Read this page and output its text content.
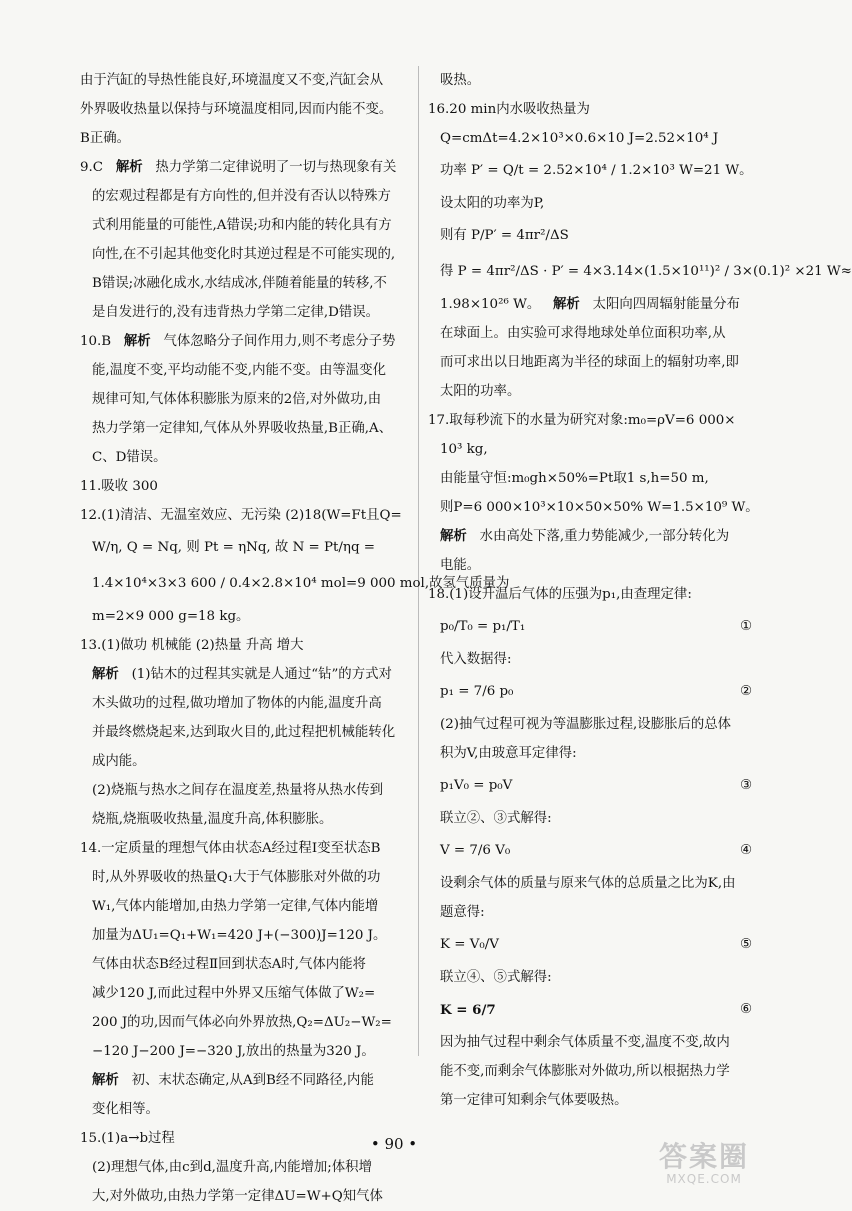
由于汽缸的导热性能良好,环境温度又不变,汽缸会从
外界吸收热量以保持与环境温度相同,因而内能不变。
B正确。
9.C 解析 热力学第二定律说明了一切与热现象有关
的宏观过程都是有方向性的,但并没有否认以特殊方
式利用能量的可能性,A错误;功和内能的转化具有方
向性,在不引起其他变化时其逆过程是不可能实现的,
B错误;冰融化成水,水结成冰,伴随着能量的转移,不
是自发进行的,没有违背热力学第二定律,D错误。
10.B 解析 气体忽略分子间作用力,则不考虑分子势
能,温度不变,平均动能不变,内能不变。由等温变化
规律可知,气体体积膨胀为原来的2倍,对外做功,由
热力学第一定律知,气体从外界吸收热量,B正确,A、
C、D错误。
11.吸收 300
12.(1)清洁、无温室效应、无污染 (2)18(W=Ft且Q=
W/η, Q = Nq, 则 Pt = ηNq, 故 N = Pt/ηq =
1.4×10⁴×3×3 600 / 0.4×2.8×10⁴ mol=9 000 mol,故氢气质量为
m=2×9 000 g=18 kg。
13.(1)做功 机械能 (2)热量 升高 增大
解析 (1)钻木的过程其实就是人通过“钻”的方式对
木头做功的过程,做功增加了物体的内能,温度升高
并最终燃烧起来,达到取火目的,此过程把机械能转化
成内能。
(2)烧瓶与热水之间存在温度差,热量将从热水传到
烧瓶,烧瓶吸收热量,温度升高,体积膨胀。
14.一定质量的理想气体由状态A经过程Ⅰ变至状态B
时,从外界吸收的热量Q₁大于气体膨胀对外做的功
W₁,气体内能增加,由热力学第一定律,气体内能增
加量为ΔU₁=Q₁+W₁=420 J+(−300)J=120 J。
气体由状态B经过程Ⅱ回到状态A时,气体内能将
减少120 J,而此过程中外界又压缩气体做了W₂=
200 J的功,因而气体必向外界放热,Q₂=ΔU₂−W₂=
−120 J−200 J=−320 J,放出的热量为320 J。
解析 初、末状态确定,从A到B经不同路径,内能
变化相等。
15.(1)a→b过程
(2)理想气体,由c到d,温度升高,内能增加;体积增
大,对外做功,由热力学第一定律ΔU=W+Q知气体
吸热。
16.20 min内水吸收热量为
Q=cmΔt=4.2×10³×0.6×10 J=2.52×10⁴ J
功率 P′ = Q/t = 2.52×10⁴ / 1.2×10³ W=21 W。
设太阳的功率为P,
则有 P/P′ = 4πr²/ΔS
得 P = 4πr²/ΔS · P′ = 4×3.14×(1.5×10¹¹)² / 3×(0.1)² ×21 W≈
1.98×10²⁶ W。 解析 太阳向四周辐射能量分布
在球面上。由实验可求得地球处单位面积功率,从
而可求出以日地距离为半径的球面上的辐射功率,即
太阳的功率。
17.取每秒流下的水量为研究对象:m₀=ρV=6 000×
10³ kg,
由能量守恒:m₀gh×50%=Pt取1 s,h=50 m,
则P=6 000×10³×10×50×50% W=1.5×10⁹ W。
解析 水由高处下落,重力势能减少,一部分转化为
电能。
18.(1)设升温后气体的压强为p₁,由查理定律:
p₀/T₀ = p₁/T₁	①
代入数据得:
p₁ = 7/6 p₀	②
(2)抽气过程可视为等温膨胀过程,设膨胀后的总体
积为V,由玻意耳定律得:
p₁V₀ = p₀V	③
联立②、③式解得:
V = 7/6 V₀	④
设剩余气体的质量与原来气体的总质量之比为K,由
题意得:
K = V₀/V	⑤
联立④、⑤式解得:
K = 6/7	⑥
因为抽气过程中剩余气体质量不变,温度不变,故内
能不变,而剩余气体膨胀对外做功,所以根据热力学
第一定律可知剩余气体要吸热。
• 90 •	答案圈
MXQE.COM
